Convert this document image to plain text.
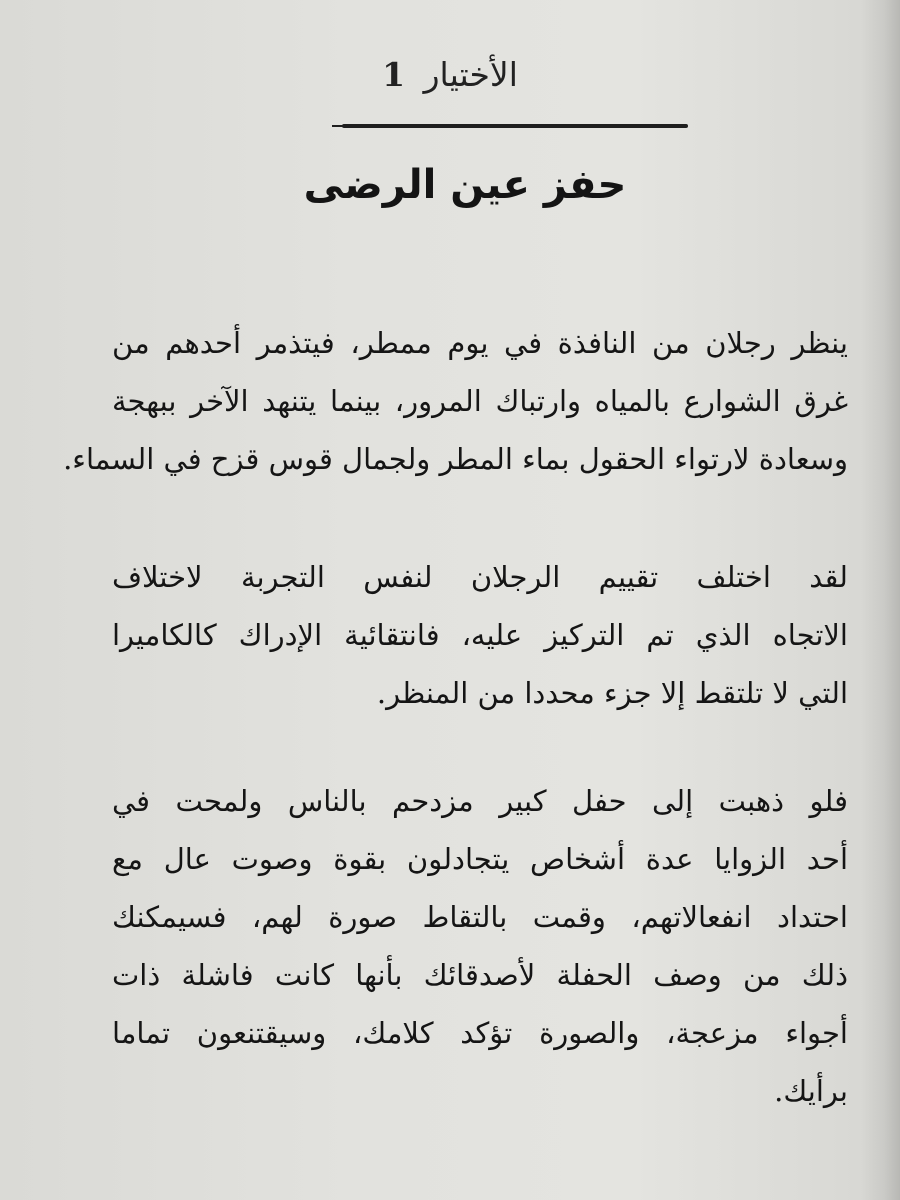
الأختيار 1
حفز عين الرضى
ينظر رجلان من النافذة في يوم ممطر، فيتذمر أحدهم من
غرق الشوارع بالمياه وارتباك المرور، بينما يتنهد الآخر ببهجة
وسعادة لارتواء الحقول بماء المطر ولجمال قوس قزح في السماء.
لقد اختلف تقييم الرجلان لنفس التجربة لاختلاف
الاتجاه الذي تم التركيز عليه، فانتقائية الإدراك كالكاميرا
التي لا تلتقط إلا جزء محددا من المنظر.
فلو ذهبت إلى حفل كبير مزدحم بالناس ولمحت في
أحد الزوايا عدة أشخاص يتجادلون بقوة وصوت عال مع
احتداد انفعالاتهم، وقمت بالتقاط صورة لهم، فسيمكنك
ذلك من وصف الحفلة لأصدقائك بأنها كانت فاشلة ذات
أجواء مزعجة، والصورة تؤكد كلامك، وسيقتنعون تماما
برأيك.
